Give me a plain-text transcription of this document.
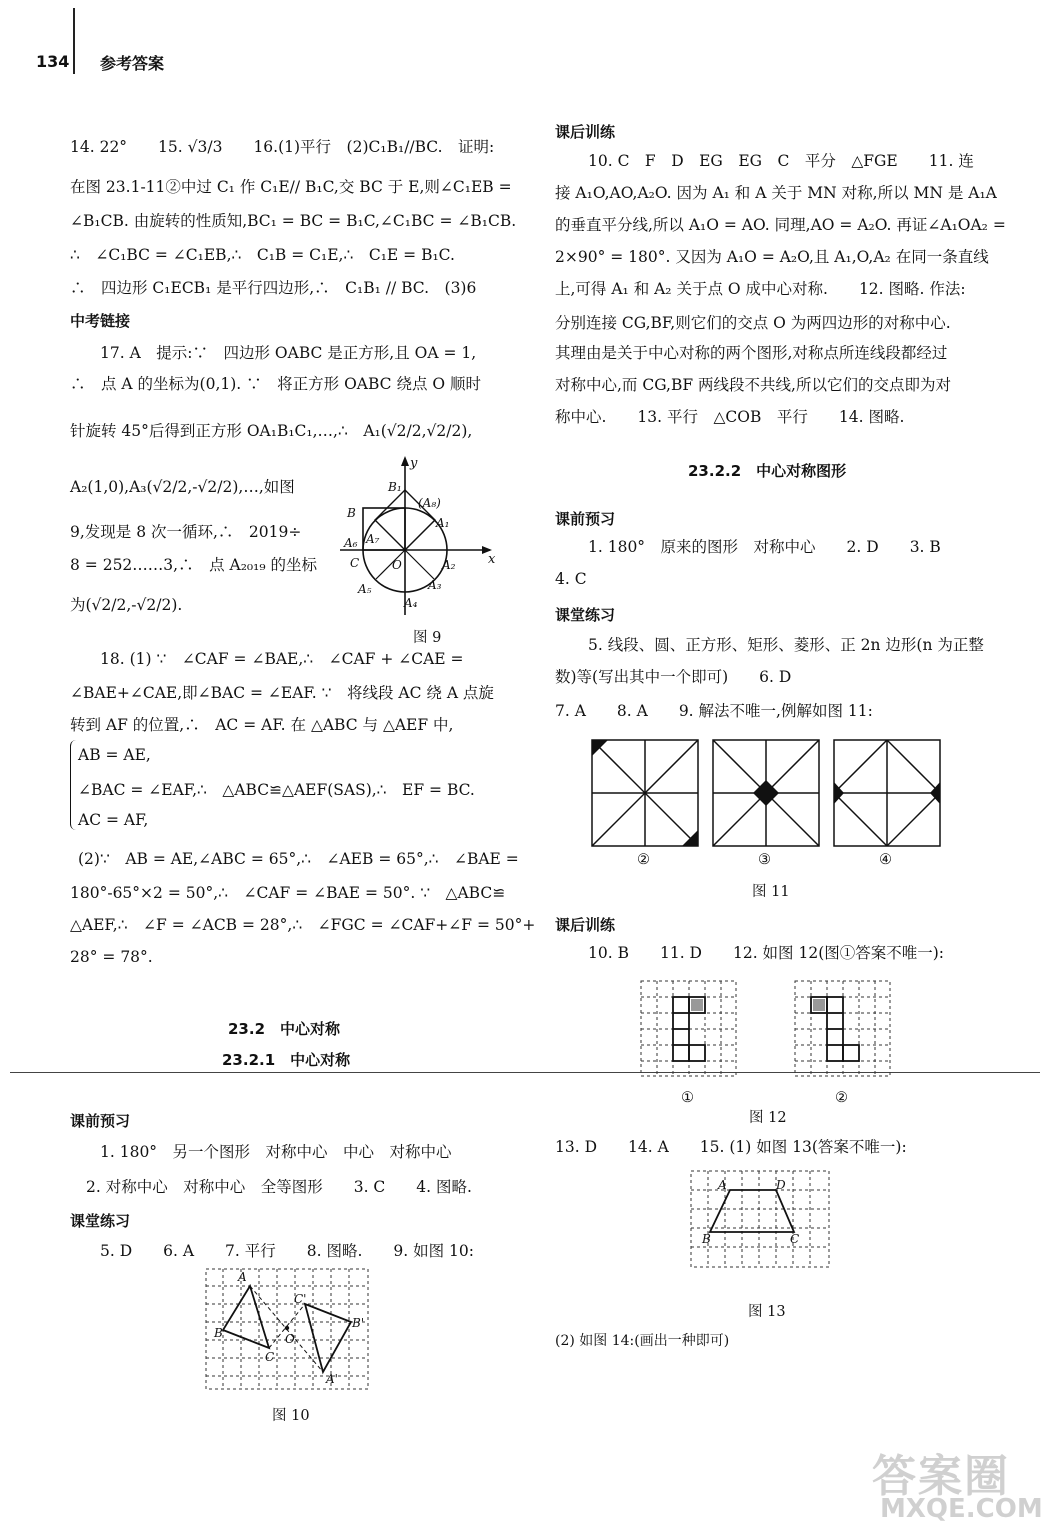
134 参考答案
14. 22°　　15. √3/3　　16.(1)平行　(2)C₁B₁//BC.　证明:
在图 23.1-11②中过 C₁ 作 C₁E// B₁C,交 BC 于 E,则∠C₁EB =
∠B₁CB. 由旋转的性质知,BC₁ = BC = B₁C,∠C₁BC = ∠B₁CB.
∴　∠C₁BC = ∠C₁EB,∴　C₁B = C₁E,∴　C₁E = B₁C.
∴　四边形 C₁ECB₁ 是平行四边形,∴　C₁B₁ // BC.　(3)6
中考链接
17. A　提示:∵　四边形 OABC 是正方形,且 OA = 1,
∴　点 A 的坐标为(0,1). ∵　将正方形 OABC 绕点 O 顺时
针旋转 45°后得到正方形 OA₁B₁C₁,…,∴　A₁(√2/2,√2/2),
A₂(1,0),A₃(√2/2,-√2/2),…,如图
9,发现是 8 次一循环,∴　2019÷
8 = 252……3,∴　点 A₂₀₁₉ 的坐标
为(√2/2,-√2/2).
y
x
B₁
(A₈)
A₁
B
A₆ A₇
C	O	A₂
A₅	A₃
A₄
图 9
18. (1) ∵　∠CAF = ∠BAE,∴　∠CAF + ∠CAE =
∠BAE+∠CAE,即∠BAC = ∠EAF. ∵　将线段 AC 绕 A 点旋
转到 AF 的位置,∴　AC = AF. 在 △ABC 与 △AEF 中,
AB = AE,
∠BAC = ∠EAF,∴　△ABC≌△AEF(SAS),∴　EF = BC.
AC = AF,
(2)∵　AB = AE,∠ABC = 65°,∴　∠AEB = 65°,∴　∠BAE =
180°-65°×2 = 50°,∴　∠CAF = ∠BAE = 50°. ∵　△ABC≌
△AEF,∴　∠F = ∠ACB = 28°,∴　∠FGC = ∠CAF+∠F = 50°+
28° = 78°.
23.2　中心对称
23.2.1　中心对称
课前预习
1. 180°　另一个图形　对称中心　中心　对称中心
2. 对称中心　对称中心　全等图形　　3. C　　4. 图略.
课堂练习
5. D　　6. A　　7. 平行　　8. 图略.　　9. 如图 10:
A
C'
B	O
B'
C
A'
图 10
课后训练
10. C　F　D　EG　EG　C　平分　△FGE　　11. 连
接 A₁O,AO,A₂O. 因为 A₁ 和 A 关于 MN 对称,所以 MN 是 A₁A
的垂直平分线,所以 A₁O = AO. 同理,AO = A₂O. 再证∠A₁OA₂ =
2×90° = 180°. 又因为 A₁O = A₂O,且 A₁,O,A₂ 在同一条直线
上,可得 A₁ 和 A₂ 关于点 O 成中心对称.　　12. 图略. 作法:
分别连接 CG,BF,则它们的交点 O 为两四边形的对称中心.
其理由是关于中心对称的两个图形,对称点所连线段都经过
对称中心,而 CG,BF 两线段不共线,所以它们的交点即为对
称中心.　　13. 平行　△COB　平行　　14. 图略.
23.2.2　中心对称图形
课前预习
1. 180°　原来的图形　对称中心　　2. D　　3. B
4. C
课堂练习
5. 线段、圆、正方形、矩形、菱形、正 2n 边形(n 为正整
数)等(写出其中一个即可)　　6. D
7. A　　8. A　　9. 解法不唯一,例解如图 11:
②	③	④
图 11
课后训练
10. B　　11. D　　12. 如图 12(图①答案不唯一):
①	②
图 12
13. D　　14. A　　15. (1) 如图 13(答案不唯一):
A	D
B	C
图 13
(2) 如图 14:(画出一种即可)
答案圈
MXQE.COM
